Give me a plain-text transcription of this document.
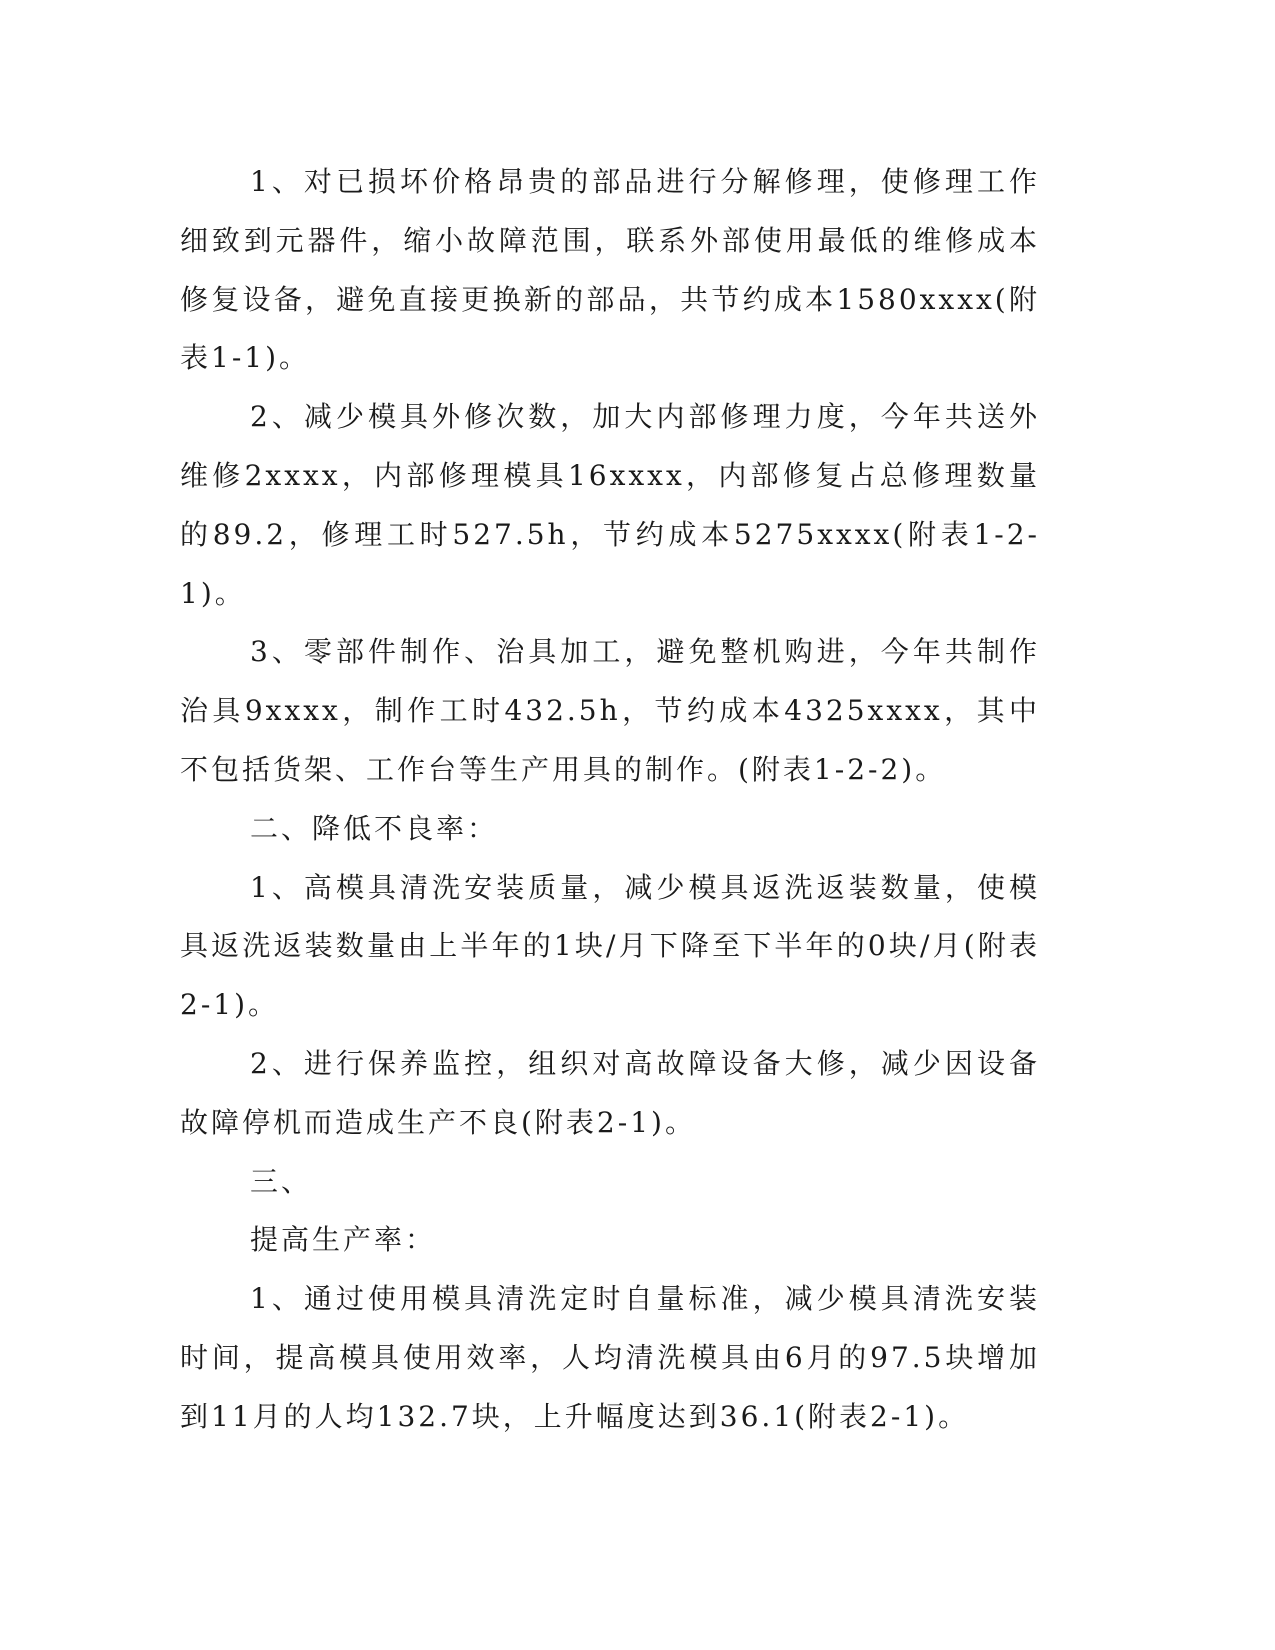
1、对已损坏价格昂贵的部品进行分解修理，使修理工作细致到元器件，缩小故障范围，联系外部使用最低的维修成本修复设备，避免直接更换新的部品，共节约成本1580xxxx(附表1-1)。

2、减少模具外修次数，加大内部修理力度，今年共送外维修2xxxx，内部修理模具16xxxx，内部修复占总修理数量的89.2，修理工时527.5h，节约成本5275xxxx(附表1-2-1)。

3、零部件制作、治具加工，避免整机购进，今年共制作治具9xxxx，制作工时432.5h，节约成本4325xxxx，其中不包括货架、工作台等生产用具的制作。(附表1-2-2)。

二、降低不良率：

1、高模具清洗安装质量，减少模具返洗返装数量，使模具返洗返装数量由上半年的1块/月下降至下半年的0块/月(附表2-1)。

2、进行保养监控，组织对高故障设备大修，减少因设备故障停机而造成生产不良(附表2-1)。

三、

提高生产率：

1、通过使用模具清洗定时自量标准，减少模具清洗安装时间，提高模具使用效率，人均清洗模具由6月的97.5块增加到11月的人均132.7块，上升幅度达到36.1(附表2-1)。
